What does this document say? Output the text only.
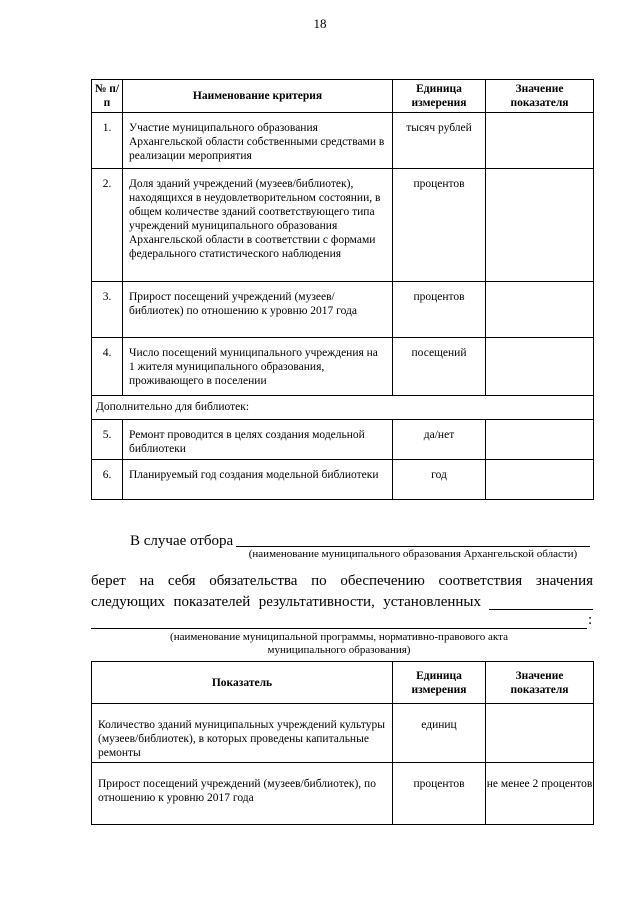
18
№ п/п	Наименование критерия	Единица измерения	Значение показателя
1.	Участие муниципального образования Архангельской области собственными средствами в реализации мероприятия	тысяч рублей	
2.	Доля зданий учреждений (музеев/библиотек), находящихся в неудовлетворительном состоянии, в общем количестве зданий соответствующего типа учреждений муниципального образования Архангельской области в соответствии с формами федерального статистического наблюдения	процентов	
3.	Прирост посещений учреждений (музеев/библиотек) по отношению к уровню 2017 года	процентов	
4.	Число посещений муниципального учреждения на 1 жителя муниципального образования, проживающего в поселении	посещений	
Дополнительно для библиотек:			
5.	Ремонт проводится в целях создания модельной библиотеки	да/нет	
6.	Планируемый год создания модельной библиотеки	год	
В случае отбора
(наименование муниципального образования Архангельской области)
берет на себя обязательства по обеспечению соответствия значения
следующих показателей результативности, установленных
:
(наименование муниципальной программы, нормативно-правового акта
муниципального образования)
Показатель	Единица измерения	Значение показателя
Количество зданий муниципальных учреждений культуры (музеев/библиотек), в которых проведены капитальные ремонты	единиц	
Прирост посещений учреждений (музеев/библиотек), по отношению к уровню 2017 года	процентов	не менее 2 процентов
